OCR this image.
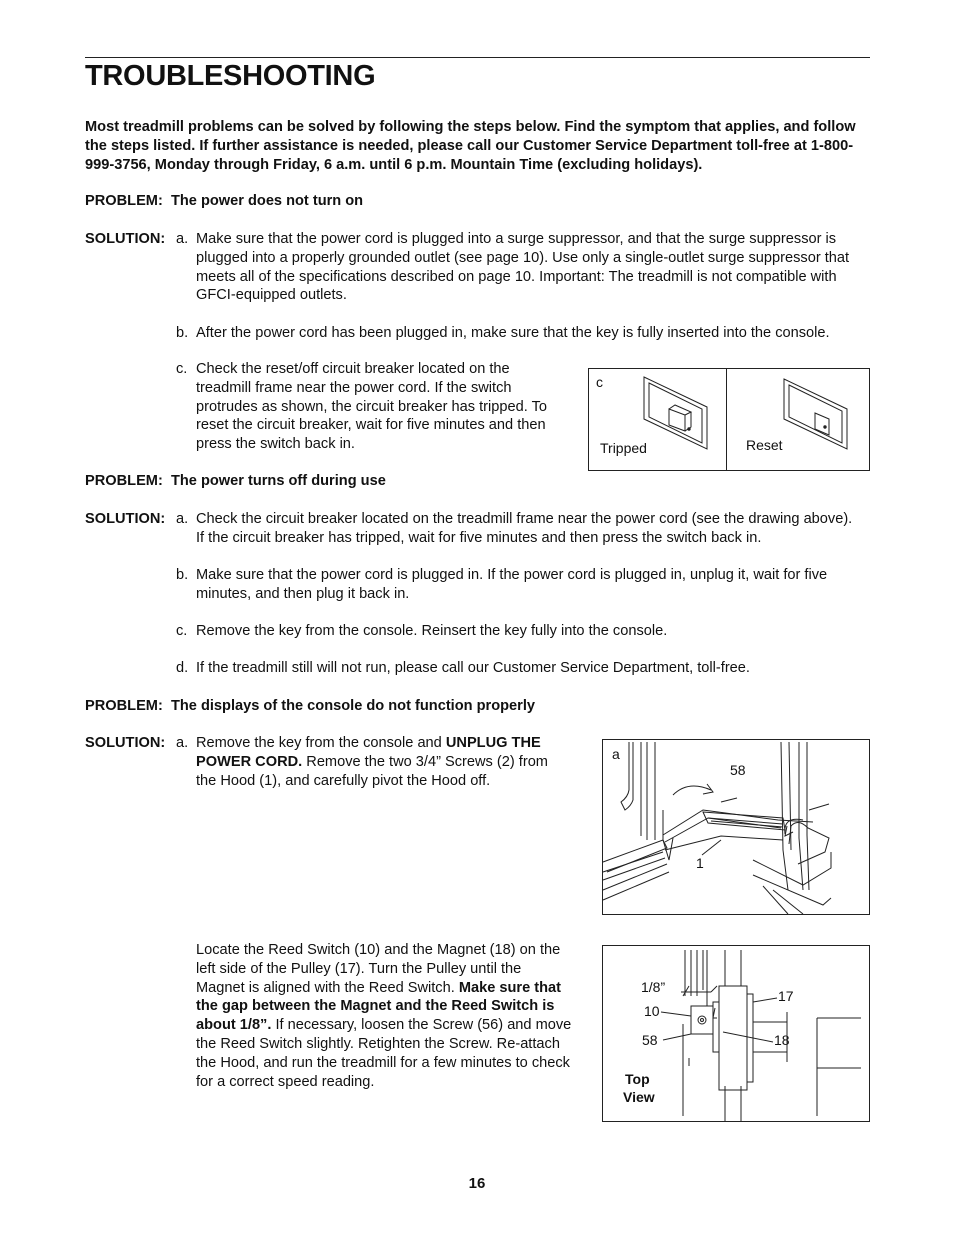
TROUBLESHOOTING
Most treadmill problems can be solved by following the steps below. Find the symptom that applies, and follow the steps listed. If further assistance is needed, please call our Customer Service Department toll-free at 1-800-999-3756, Monday through Friday, 6 a.m. until 6 p.m. Mountain Time (excluding holidays).
PROBLEM: The power does not turn on
SOLUTION: a. Make sure that the power cord is plugged into a surge suppressor, and that the surge suppressor is plugged into a properly grounded outlet (see page 10). Use only a single-outlet surge suppressor that meets all of the specifications described on page 10. Important: The treadmill is not compatible with GFCI-equipped outlets.
b. After the power cord has been plugged in, make sure that the key is fully inserted into the console.
c. Check the reset/off circuit breaker located on the treadmill frame near the power cord. If the switch protrudes as shown, the circuit breaker has tripped. To reset the circuit breaker, wait for five minutes and then press the switch back in.
c
Tripped	Reset
PROBLEM: The power turns off during use
SOLUTION: a. Check the circuit breaker located on the treadmill frame near the power cord (see the drawing above). If the circuit breaker has tripped, wait for five minutes and then press the switch back in.
b. Make sure that the power cord is plugged in. If the power cord is plugged in, unplug it, wait for five minutes, and then plug it back in.
c. Remove the key from the console. Reinsert the key fully into the console.
d. If the treadmill still will not run, please call our Customer Service Department, toll-free.
PROBLEM: The displays of the console do not function properly
SOLUTION: a. Remove the key from the console and UNPLUG THE POWER CORD. Remove the two 3/4” Screws (2) from the Hood (1), and carefully pivot the Hood off.
a
58
1
Locate the Reed Switch (10) and the Magnet (18) on the left side of the Pulley (17). Turn the Pulley until the Magnet is aligned with the Reed Switch. Make sure that the gap between the Magnet and the Reed Switch is about 1/8”. If necessary, loosen the Screw (56) and move the Reed Switch slightly. Retighten the Screw. Re-attach the Hood, and run the treadmill for a few minutes to check for a correct speed reading.
1/8”
10
58
17
18
Top
View
16
